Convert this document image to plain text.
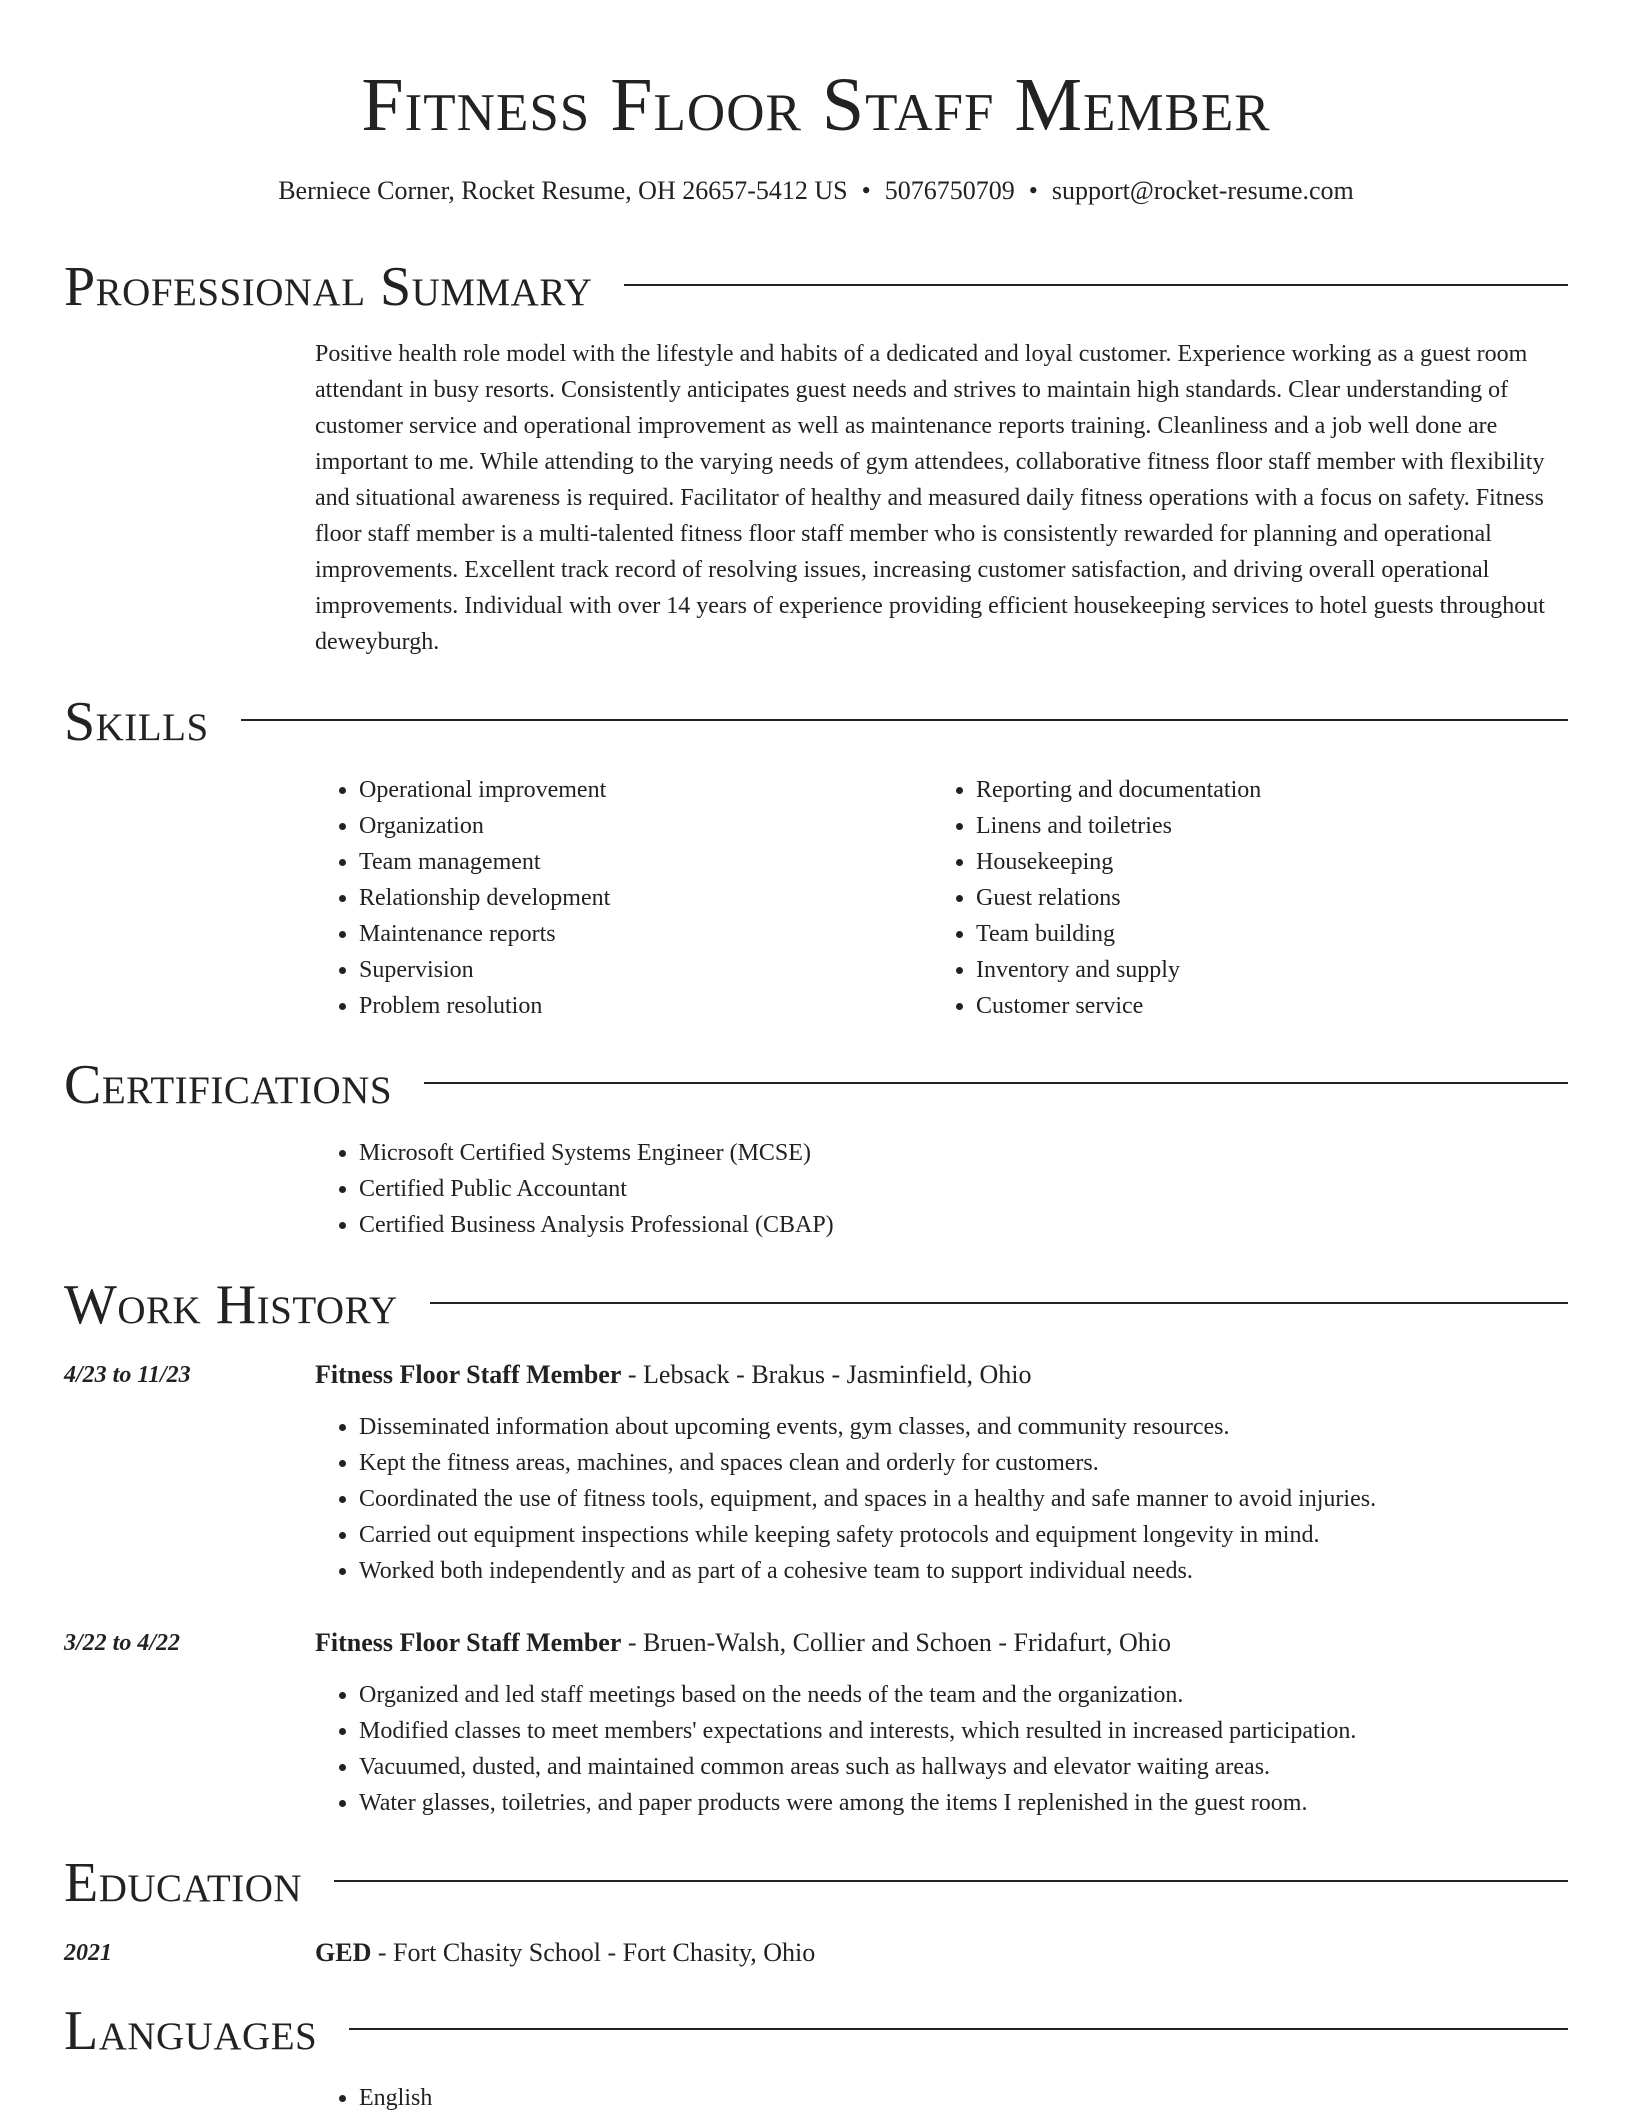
Fitness Floor Staff Member
Berniece Corner, Rocket Resume, OH 26657-5412 US • 5076750709 • support@rocket-resume.com
Professional Summary

Positive health role model with the lifestyle and habits of a dedicated and loyal customer. Experience working as a guest room attendant in busy resorts. Consistently anticipates guest needs and strives to maintain high standards. Clear understanding of customer service and operational improvement as well as maintenance reports training. Cleanliness and a job well done are important to me. While attending to the varying needs of gym attendees, collaborative fitness floor staff member with flexibility and situational awareness is required. Facilitator of healthy and measured daily fitness operations with a focus on safety. Fitness floor staff member is a multi-talented fitness floor staff member who is consistently rewarded for planning and operational improvements. Excellent track record of resolving issues, increasing customer satisfaction, and driving overall operational improvements. Individual with over 14 years of experience providing efficient housekeeping services to hotel guests throughout deweyburgh.

Skills
• Operational improvement
• Organization
• Team management
• Relationship development
• Maintenance reports
• Supervision
• Problem resolution
• Reporting and documentation
• Linens and toiletries
• Housekeeping
• Guest relations
• Team building
• Inventory and supply
• Customer service
Certifications
• Microsoft Certified Systems Engineer (MCSE)
• Certified Public Accountant
• Certified Business Analysis Professional (CBAP)
Work History
4/23 to 11/23	Fitness Floor Staff Member - Lebsack - Brakus - Jasminfield, Ohio
• Disseminated information about upcoming events, gym classes, and community resources.
• Kept the fitness areas, machines, and spaces clean and orderly for customers.
• Coordinated the use of fitness tools, equipment, and spaces in a healthy and safe manner to avoid injuries.
• Carried out equipment inspections while keeping safety protocols and equipment longevity in mind.
• Worked both independently and as part of a cohesive team to support individual needs.
3/22 to 4/22	Fitness Floor Staff Member - Bruen-Walsh, Collier and Schoen - Fridafurt, Ohio
• Organized and led staff meetings based on the needs of the team and the organization.
• Modified classes to meet members' expectations and interests, which resulted in increased participation.
• Vacuumed, dusted, and maintained common areas such as hallways and elevator waiting areas.
• Water glasses, toiletries, and paper products were among the items I replenished in the guest room.
Education
2021	GED - Fort Chasity School - Fort Chasity, Ohio
Languages
• English
